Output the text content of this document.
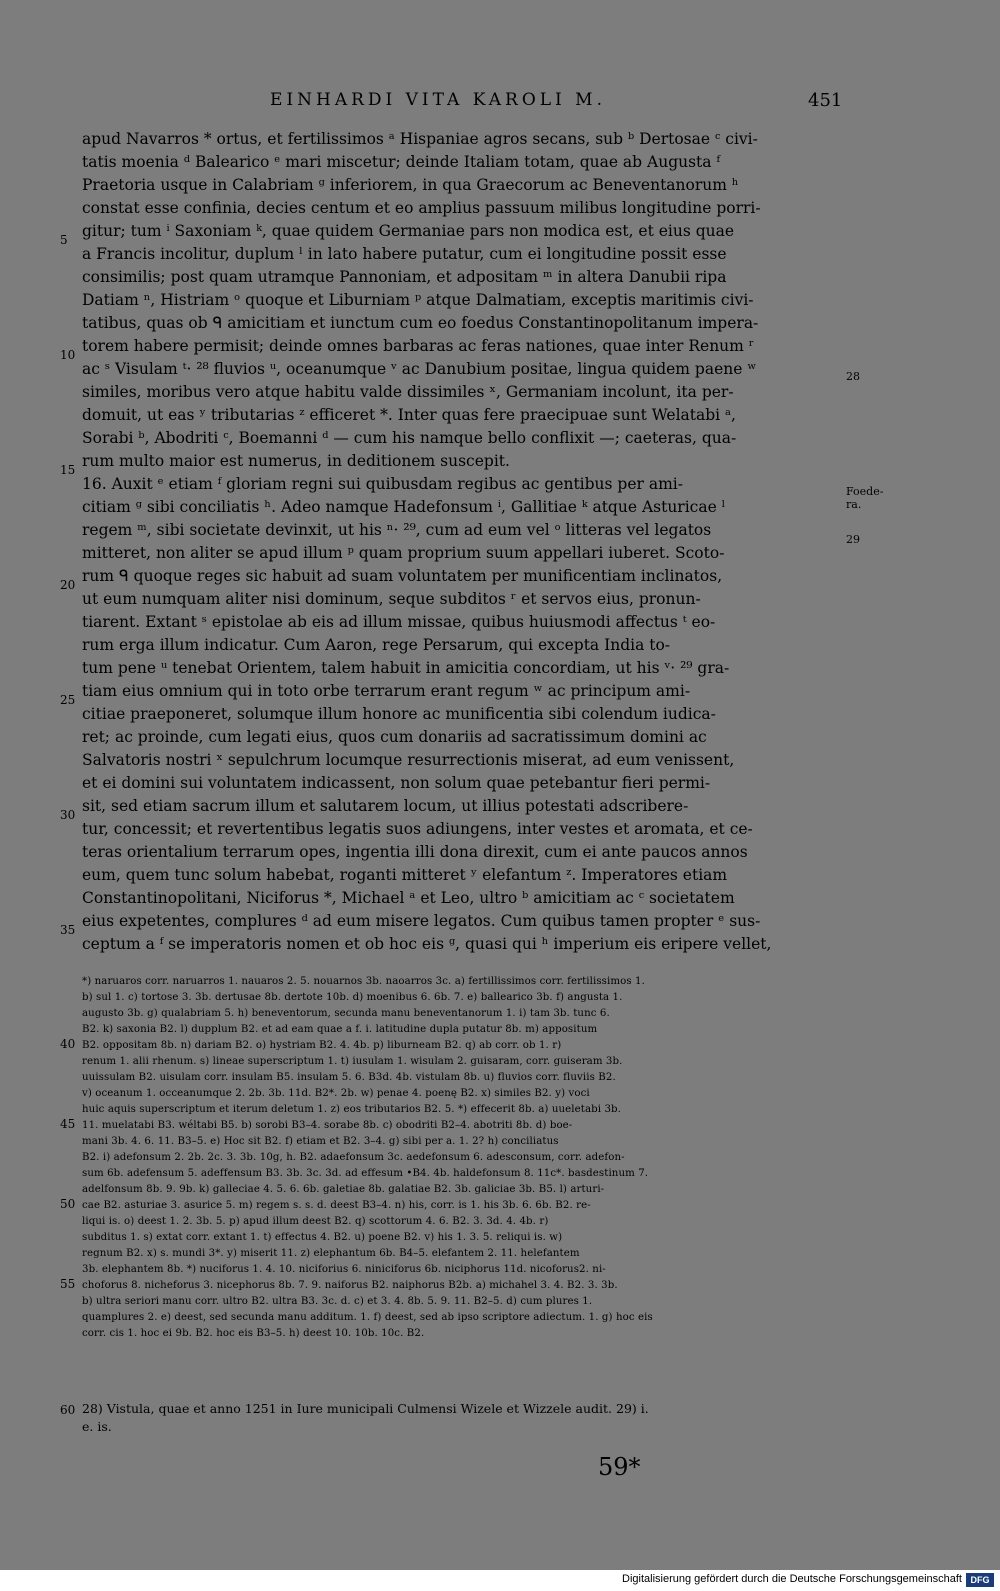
EINHARDI VITA KAROLI M.	451
apud Navarros * ortus, et fertilissimos ᵃ Hispaniae agros secans, sub ᵇ Dertosae ᶜ civi-
tatis moenia ᵈ Balearico ᵉ mari miscetur; deinde Italiam totam, quae ab Augusta ᶠ
Praetoria usque in Calabriam ᵍ inferiorem, in qua Graecorum ac Beneventanorum ʰ
constat esse confinia, decies centum et eo amplius passuum milibus longitudine porri-
gitur; tum ⁱ Saxoniam ᵏ, quae quidem Germaniae pars non modica est, et eius quae
a Francis incolitur, duplum ˡ in lato habere putatur, cum ei longitudine possit esse
consimilis; post quam utramque Pannoniam, et adpositam ᵐ in altera Danubii ripa
Datiam ⁿ, Histriam ᵒ quoque et Liburniam ᵖ atque Dalmatiam, exceptis maritimis civi-
tatibus, quas ob ᑫ amicitiam et iunctum cum eo foedus Constantinopolitanum impera-
torem habere permisit; deinde omnes barbaras ac feras nationes, quae inter Renum ʳ
ac ˢ Visulam ᵗ· ²⁸ fluvios ᵘ, oceanumque ᵛ ac Danubium positae, lingua quidem paene ʷ
similes, moribus vero atque habitu valde dissimiles ˣ, Germaniam incolunt, ita per-
domuit, ut eas ʸ tributarias ᶻ efficeret *. Inter quas fere praecipuae sunt Welatabi ᵃ,
Sorabi ᵇ, Abodriti ᶜ, Boemanni ᵈ — cum his namque bello conflixit —; caeteras, qua-
rum multo maior est numerus, in deditionem suscepit.
16. Auxit ᵉ etiam ᶠ gloriam regni sui quibusdam regibus ac gentibus per ami-
citiam ᵍ sibi conciliatis ʰ. Adeo namque Hadefonsum ⁱ, Gallitiae ᵏ atque Asturicae ˡ
regem ᵐ, sibi societate devinxit, ut his ⁿ· ²⁹, cum ad eum vel ᵒ litteras vel legatos
mitteret, non aliter se apud illum ᵖ quam proprium suum appellari iuberet. Scoto-
rum ᑫ quoque reges sic habuit ad suam voluntatem per munificentiam inclinatos,
ut eum numquam aliter nisi dominum, seque subditos ʳ et servos eius, pronun-
tiarent. Extant ˢ epistolae ab eis ad illum missae, quibus huiusmodi affectus ᵗ eo-
rum erga illum indicatur. Cum Aaron, rege Persarum, qui excepta India to-
tum pene ᵘ tenebat Orientem, talem habuit in amicitia concordiam, ut his ᵛ· ²⁹ gra-
tiam eius omnium qui in toto orbe terrarum erant regum ʷ ac principum ami-
citiae praeponeret, solumque illum honore ac munificentia sibi colendum iudica-
ret; ac proinde, cum legati eius, quos cum donariis ad sacratissimum domini ac
Salvatoris nostri ˣ sepulchrum locumque resurrectionis miserat, ad eum venissent,
et ei domini sui voluntatem indicassent, non solum quae petebantur fieri permi-
sit, sed etiam sacrum illum et salutarem locum, ut illius potestati adscribere-
tur, concessit; et revertentibus legatis suos adiungens, inter vestes et aromata, et ce-
teras orientalium terrarum opes, ingentia illi dona direxit, cum ei ante paucos annos
eum, quem tunc solum habebat, roganti mitteret ʸ elefantum ᶻ. Imperatores etiam
Constantinopolitani, Niciforus *, Michael ᵃ et Leo, ultro ᵇ amicitiam ac ᶜ societatem
eius expetentes, complures ᵈ ad eum misere legatos. Cum quibus tamen propter ᵉ sus-
ceptum a ᶠ se imperatoris nomen et ob hoc eis ᵍ, quasi qui ʰ imperium eis eripere vellet,
5
10
15
20
25
30
35
28
Foede-
ra.
29
*) naruaros corr. naruarros 1. nauaros 2. 5. nouarnos 3b. naoarros 3c. a) fertillissimos corr. fertilissimos 1.
b) sul 1. c) tortose 3. 3b. dertusae 8b. dertote 10b. d) moenibus 6. 6b. 7. e) ballearico 3b. f) angusta 1.
augusto 3b. g) qualabriam 5. h) beneventorum, secunda manu beneventanorum 1. i) tam 3b. tunc 6.
B2. k) saxonia B2. l) dupplum B2. et ad eam quae a f. i. latitudine dupla putatur 8b. m) appositum
B2. oppositam 8b. n) dariam B2. o) hystriam B2. 4. 4b. p) liburneam B2. q) ab corr. ob 1. r)
renum 1. alii rhenum. s) lineae superscriptum 1. t) iusulam 1. wisulam 2. guisaram, corr. guiseram 3b.
uuissulam B2. uisulam corr. insulam B5. insulam 5. 6. B3d. 4b. vistulam 8b. u) fluvios corr. fluviis B2.
v) oceanum 1. occeanumque 2. 2b. 3b. 11d. B2*. 2b. w) penae 4. poenę B2. x) similes B2. y) voci
huic aquis superscriptum et iterum deletum 1. z) eos tributarios B2. 5. *) effecerit 8b. a) uueletabi 3b.
11. muelatabi B3. wéltabi B5. b) sorobi B3–4. sorabe 8b. c) obodriti B2–4. abotriti 8b. d) boe-
mani 3b. 4. 6. 11. B3–5. e) Hoc sit B2. f) etiam et B2. 3–4. g) sibi per a. 1. 2? h) conciliatus
B2. i) adefonsum 2. 2b. 2c. 3. 3b. 10g, h. B2. adaefonsum 3c. aedefonsum 6. adesconsum, corr. adefon-
sum 6b. adefensum 5. adeffensum B3. 3b. 3c. 3d. ad effesum •B4. 4b. haldefonsum 8. 11c*. basdestinum 7.
adelfonsum 8b. 9. 9b. k) galleciae 4. 5. 6. 6b. galetiae 8b. galatiae B2. 3b. galiciae 3b. B5. l) arturi-
cae B2. asturiae 3. asurice 5. m) regem s. s. d. deest B3–4. n) his, corr. is 1. his 3b. 6. 6b. B2. re-
liqui is. o) deest 1. 2. 3b. 5. p) apud illum deest B2. q) scottorum 4. 6. B2. 3. 3d. 4. 4b. r)
subditus 1. s) extat corr. extant 1. t) effectus 4. B2. u) poene B2. v) his 1. 3. 5. reliqui is. w)
regnum B2. x) s. mundi 3*. y) miserit 11. z) elephantum 6b. B4–5. elefantem 2. 11. helefantem
3b. elephantem 8b. *) nuciforus 1. 4. 10. niciforius 6. niniciforus 6b. niciphorus 11d. nicoforus2. ni-
choforus 8. nicheforus 3. nicephorus 8b. 7. 9. naiforus B2. naiphorus B2b. a) michahel 3. 4. B2. 3. 3b.
b) ultra seriori manu corr. ultro B2. ultra B3. 3c. d. c) et 3. 4. 8b. 5. 9. 11. B2–5. d) cum plures 1.
quamplures 2. e) deest, sed secunda manu additum. 1. f) deest, sed ab ipso scriptore adiectum. 1. g) hoc eis
corr. cis 1. hoc ei 9b. B2. hoc eis B3–5. h) deest 10. 10b. 10c. B2.
40
45
50
55
28) Vistula, quae et anno 1251 in Iure municipali Culmensi Wizele et Wizzele audit. 29) i.
e. is.
60
59*
Digitalisierung gefördert durch die Deutsche Forschungsgemeinschaft DFG
